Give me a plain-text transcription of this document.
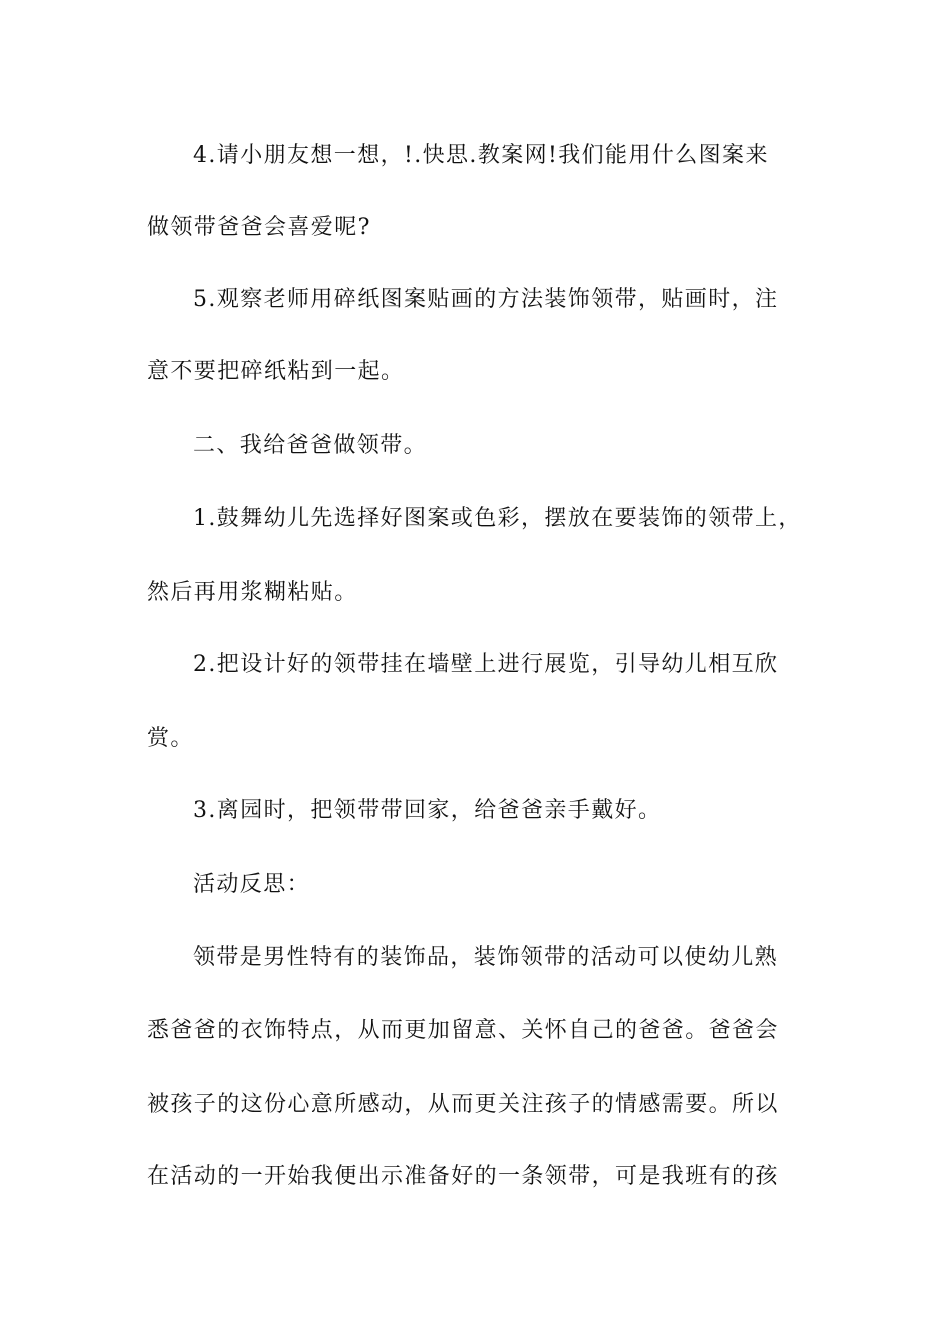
4.请小朋友想一想，!.快思.教案网!我们能用什么图案来
做领带爸爸会喜爱呢?
5.观察老师用碎纸图案贴画的方法装饰领带，贴画时，注
意不要把碎纸粘到一起。
二、我给爸爸做领带。
1.鼓舞幼儿先选择好图案或色彩，摆放在要装饰的领带上，
然后再用浆糊粘贴。
2.把设计好的领带挂在墙壁上进行展览，引导幼儿相互欣
赏。
3.离园时，把领带带回家，给爸爸亲手戴好。
活动反思：
领带是男性特有的装饰品，装饰领带的活动可以使幼儿熟
悉爸爸的衣饰特点，从而更加留意、关怀自己的爸爸。爸爸会
被孩子的这份心意所感动，从而更关注孩子的情感需要。所以
在活动的一开始我便出示准备好的一条领带，可是我班有的孩
